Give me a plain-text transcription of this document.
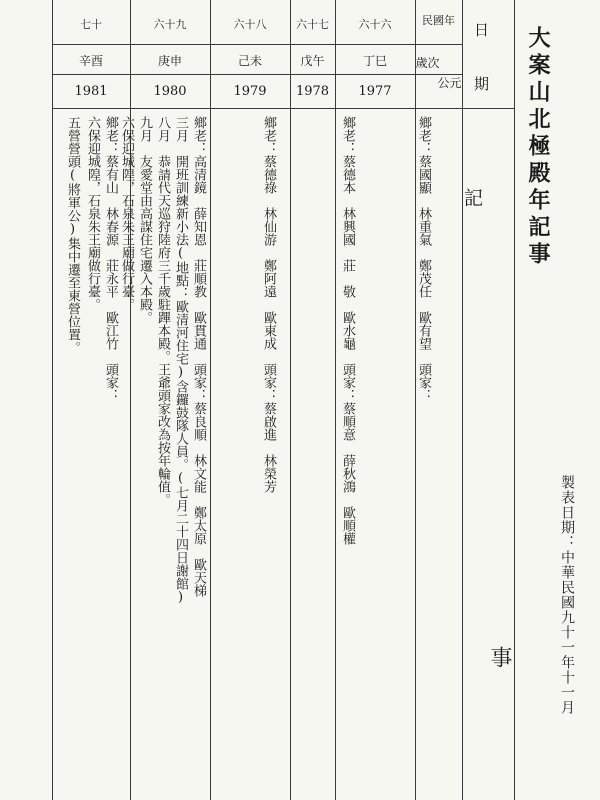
大案山北極殿年記事
製表日期：中華民國九十一年十一月
日
期
民國年
歲次
公元
記
事
六十六
丁巳
1977
鄉老：蔡國顯　林重氣　鄭茂任　歐有望　頭家：
六十七
戊午
1978
鄉老：蔡德本　林興國　莊　敬　歐水龜　頭家：蔡順意　薛秋鴻　歐順權
六十八
己未
1979
鄉老：蔡德祿　林仙游　鄭阿遠　歐東成　頭家：蔡啟進　林榮芳
六十九
庚申
1980
鄉老：高清鏡　薛知恩　莊順教　歐貫通　頭家：蔡良順　林文能　鄭太原　歐天梯
三月　開班訓練新小法(地點：歐清河住宅)含鑼鼓隊人員。(七月二十四日謝館)
八月　恭請代天巡狩陸府三千歲駐蹕本殿。王爺頭家改為按年輪值。
九月　友愛堂由高謀住宅遷入本殿。
六保迎城隍，石泉朱王廟做行臺。
七十
辛酉
1981
鄉老：蔡有山　林春源　莊永平　歐江竹　頭家：
六保迎城隍，石泉朱王廟做行臺。
五營營頭(將軍公)集中遷至東營位置。
